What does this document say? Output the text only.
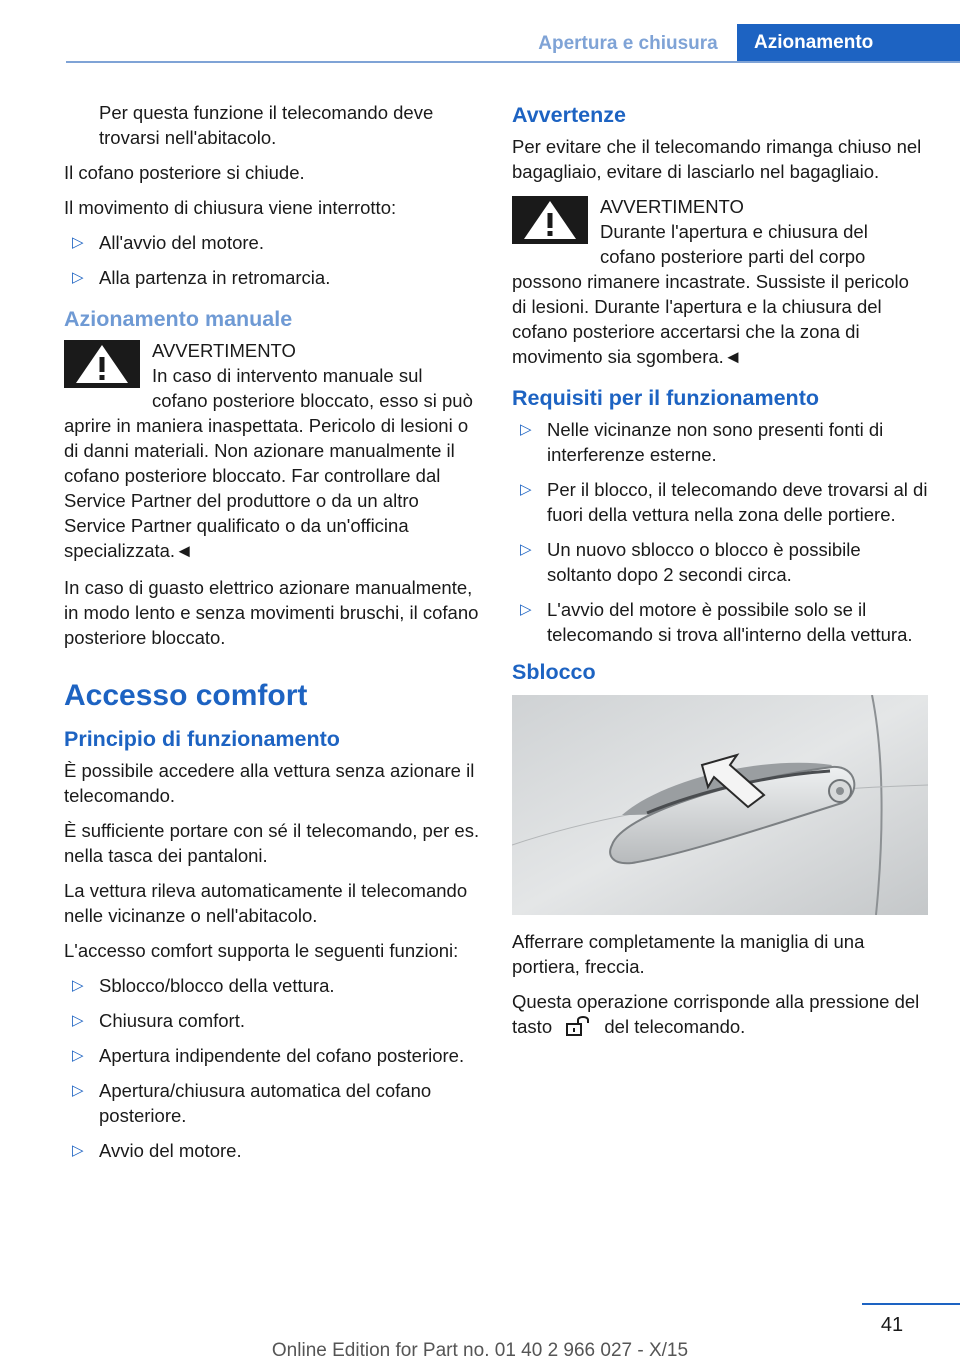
Apertura e chiusura	Azionamento

Per questa funzione il telecomando deve trovarsi nell'abitacolo.

Il cofano posteriore si chiude.

Il movimento di chiusura viene interrotto:

▷ All'avvio del motore.
▷ Alla partenza in retromarcia.
Azionamento manuale
AVVERTIMENTO
In caso di intervento manuale sul cofano posteriore bloccato, esso si può aprire in maniera inaspettata. Pericolo di lesioni o di danni materiali. Non azionare manualmente il cofano posteriore bloccato. Far controllare dal Service Partner del produttore o da un altro Service Partner qualificato o da un'officina specializzata.◄

In caso di guasto elettrico azionare manualmente, in modo lento e senza movimenti bruschi, il cofano posteriore bloccato.

Accesso comfort
Principio di funzionamento

È possibile accedere alla vettura senza azionare il telecomando.

È sufficiente portare con sé il telecomando, per es. nella tasca dei pantaloni.

La vettura rileva automaticamente il telecomando nelle vicinanze o nell'abitacolo.

L'accesso comfort supporta le seguenti funzioni:

▷ Sblocco/blocco della vettura.
▷ Chiusura comfort.
▷ Apertura indipendente del cofano posteriore.
▷ Apertura/chiusura automatica del cofano posteriore.
▷ Avvio del motore.
Avvertenze

Per evitare che il telecomando rimanga chiuso nel bagagliaio, evitare di lasciarlo nel bagagliaio.

AVVERTIMENTO
Durante l'apertura e chiusura del cofano posteriore parti del corpo possono rimanere incastrate. Sussiste il pericolo di lesioni. Durante l'apertura e la chiusura del cofano posteriore accertarsi che la zona di movimento sia sgombera.◄
Requisiti per il funzionamento
▷ Nelle vicinanze non sono presenti fonti di interferenze esterne.
▷ Per il blocco, il telecomando deve trovarsi al di fuori della vettura nella zona delle portiere.
▷ Un nuovo sblocco o blocco è possibile soltanto dopo 2 secondi circa.
▷ L'avvio del motore è possibile solo se il telecomando si trova all'interno della vettura.
Sblocco

Afferrare completamente la maniglia di una portiera, freccia.

Questa operazione corrisponde alla pressione del tasto	del telecomando.

41
Online Edition for Part no. 01 40 2 966 027 - X/15
